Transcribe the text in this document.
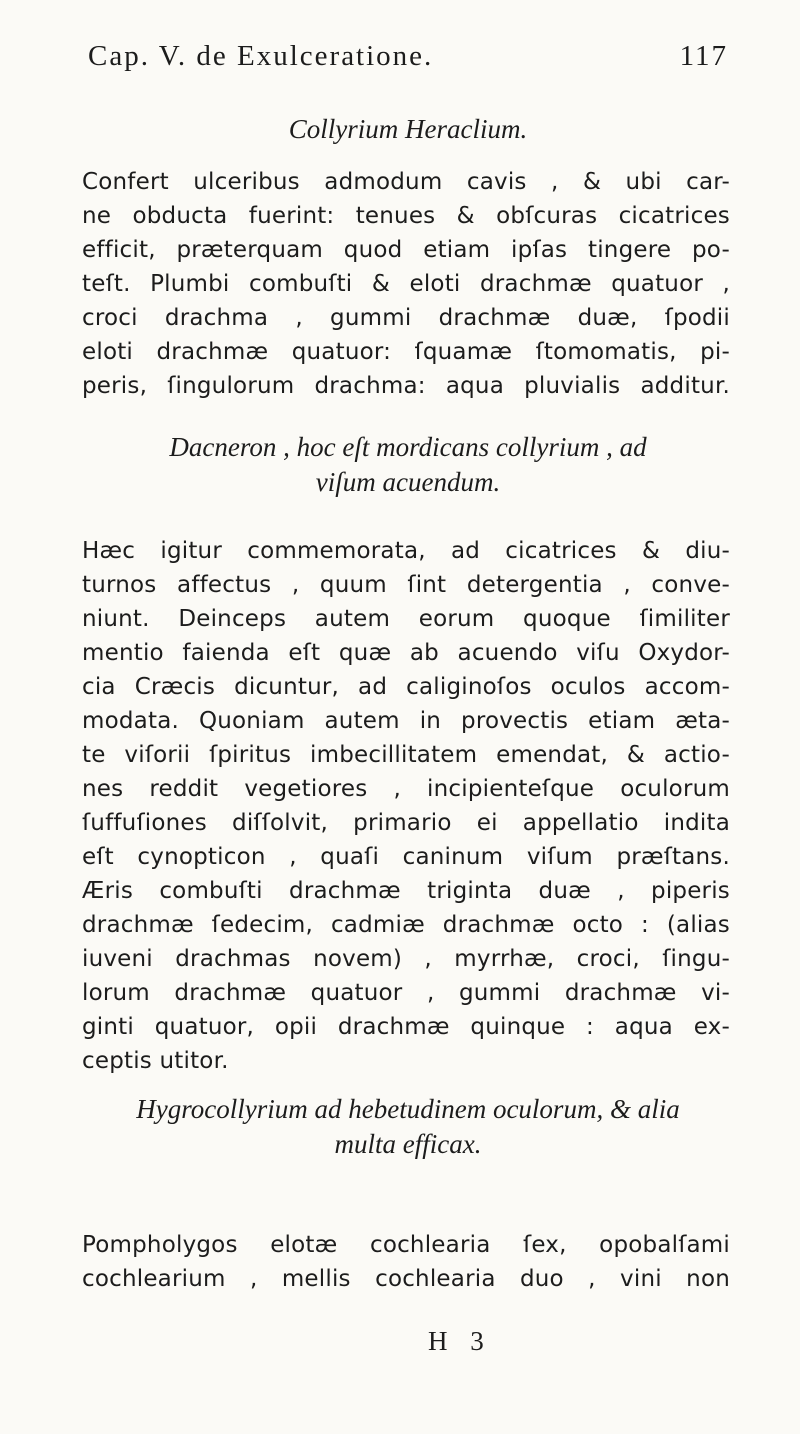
Cap. V. de Exulceratione.	117
Collyrium Heraclium.
Confert ulceribus admodum cavis , & ubi car-
ne obducta fuerint: tenues & obſcuras cicatrices
efficit, præterquam quod etiam ipſas tingere po-
teſt. Plumbi combuſti & eloti drachmæ quatuor ,
croci drachma , gummi drachmæ duæ, ſpodii
eloti drachmæ quatuor: ſquamæ ſtomomatis, pi-
peris, ſingulorum drachma: aqua pluvialis additur.
Dacneron , hoc eſt mordicans collyrium , ad
viſum acuendum.
Hæc igitur commemorata, ad cicatrices & diu-
turnos affectus , quum ſint detergentia , conve-
niunt. Deinceps autem eorum quoque ſimiliter
mentio faienda eſt quæ ab acuendo viſu Oxydor-
cia Cræcis dicuntur, ad caliginoſos oculos accom-
modata. Quoniam autem in provectis etiam æta-
te viſorii ſpiritus imbecillitatem emendat, & actio-
nes reddit vegetiores , incipienteſque oculorum
ſuffuſiones diſſolvit, primario ei appellatio indita
eſt cynopticon , quaſi caninum viſum præſtans.
Æris combuſti drachmæ triginta duæ , piperis
drachmæ ſedecim, cadmiæ drachmæ octo : (alias
iuveni drachmas novem) , myrrhæ, croci, ſingu-
lorum drachmæ quatuor , gummi drachmæ vi-
ginti quatuor, opii drachmæ quinque : aqua ex-
ceptis utitor.
Hygrocollyrium ad hebetudinem oculorum, & alia
multa efficax.
Pompholygos elotæ cochlearia ſex, opobalſami
cochlearium , mellis cochlearia duo , vini non
H 3
